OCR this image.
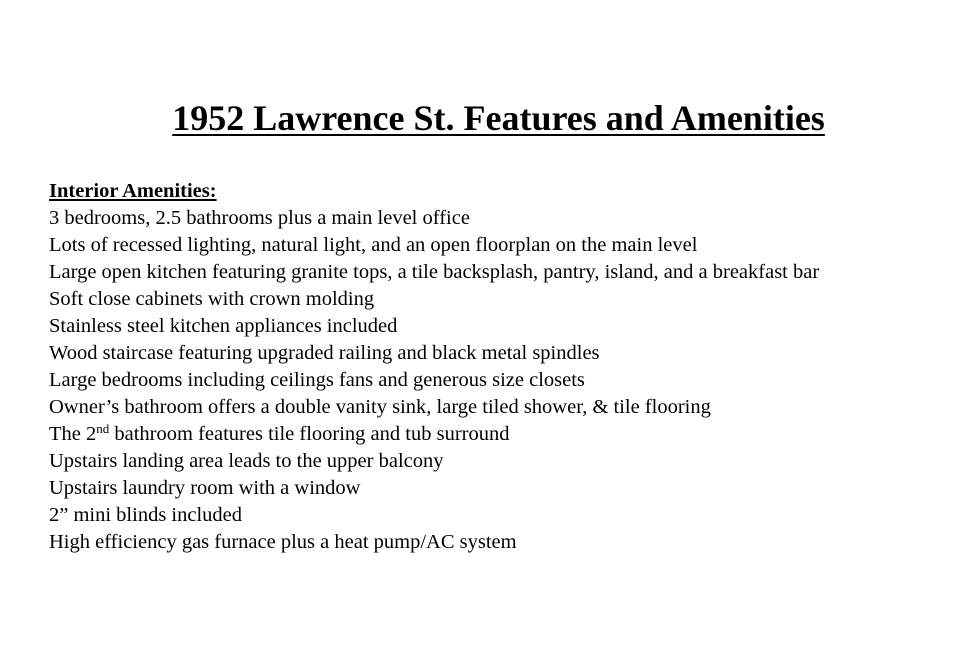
1952 Lawrence St. Features and Amenities
Interior Amenities:
3 bedrooms, 2.5 bathrooms plus a main level office
Lots of recessed lighting, natural light, and an open floorplan on the main level
Large open kitchen featuring granite tops, a tile backsplash, pantry, island, and a breakfast bar
Soft close cabinets with crown molding
Stainless steel kitchen appliances included
Wood staircase featuring upgraded railing and black metal spindles
Large bedrooms including ceilings fans and generous size closets
Owner’s bathroom offers a double vanity sink, large tiled shower, & tile flooring
The 2nd bathroom features tile flooring and tub surround
Upstairs landing area leads to the upper balcony
Upstairs laundry room with a window
2” mini blinds included
High efficiency gas furnace plus a heat pump/AC system
